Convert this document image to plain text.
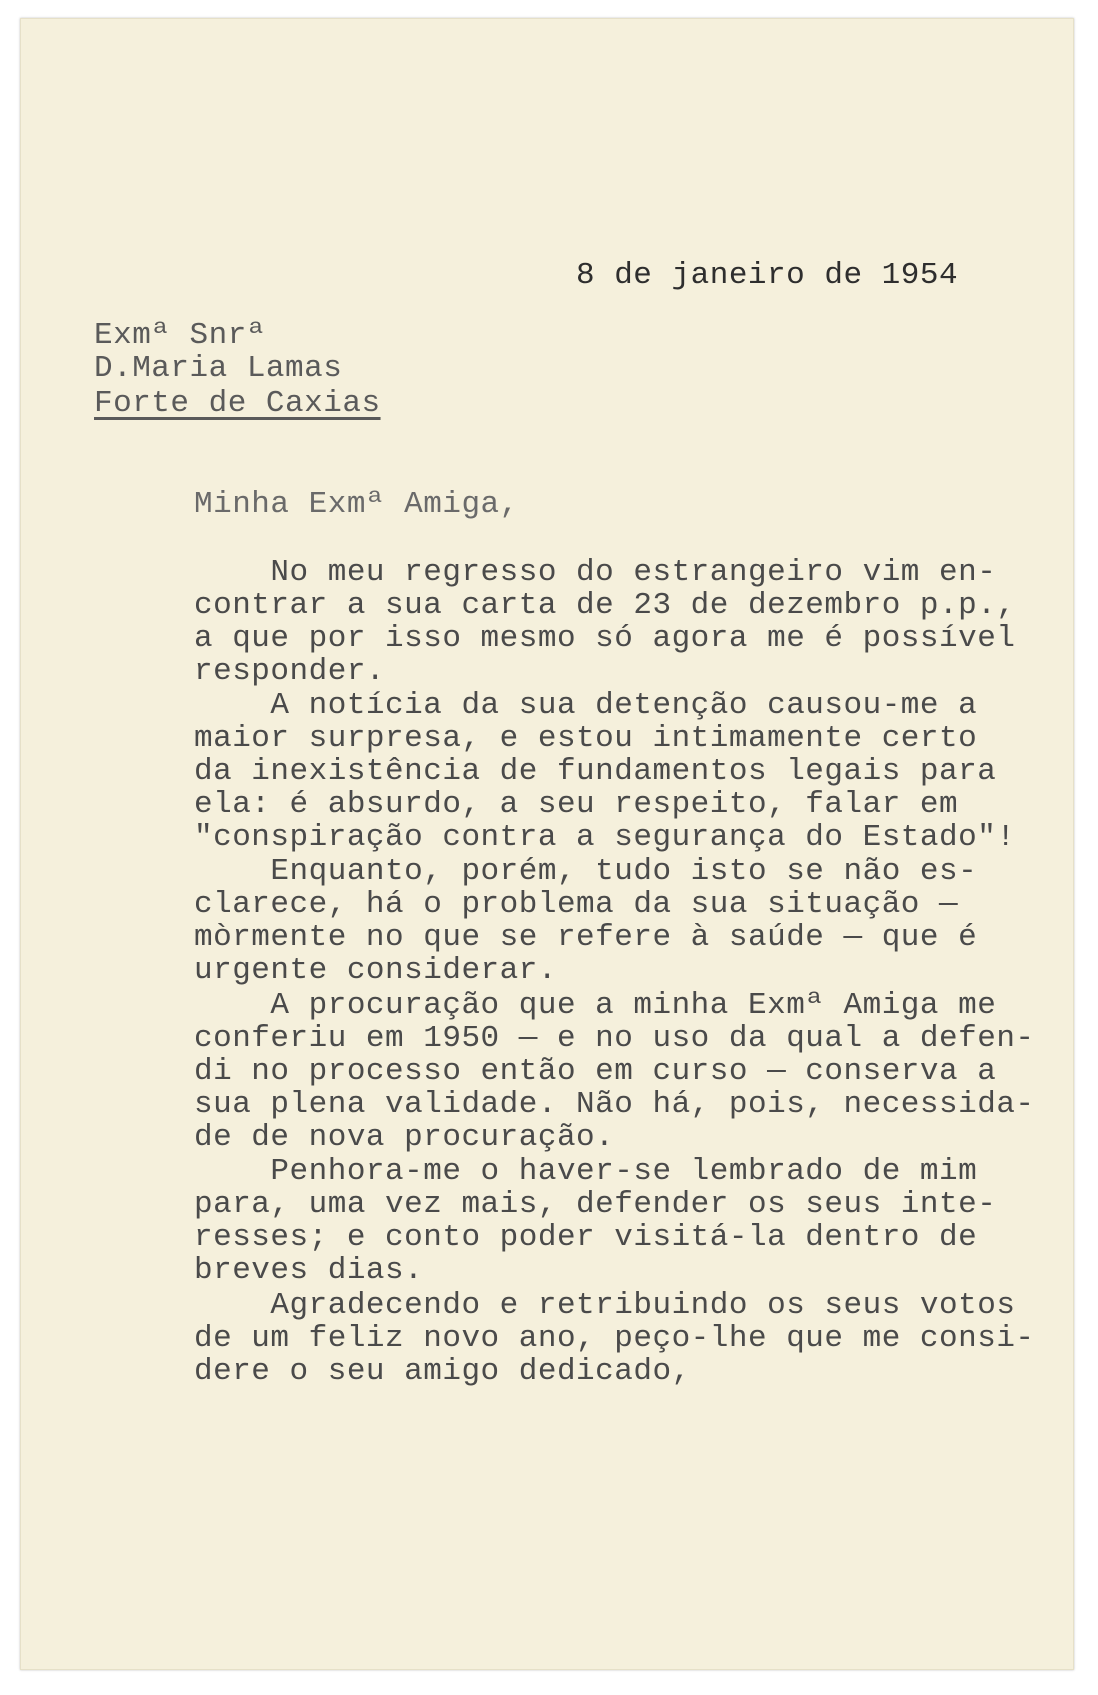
8 de janeiro de 1954
Exmª Snrª
D.Maria Lamas
Forte de Caxias
Minha Exmª Amiga,
No meu regresso do estrangeiro vim en-
contrar a sua carta de 23 de dezembro p.p.,
a que por isso mesmo só agora me é possível
responder.
A notícia da sua detenção causou-me a
maior surpresa, e estou intimamente certo
da inexistência de fundamentos legais para
ela: é absurdo, a seu respeito, falar em
"conspiração contra a segurança do Estado"!
Enquanto, porém, tudo isto se não es-
clarece, há o problema da sua situação —
mòrmente no que se refere à saúde — que é
urgente considerar.
A procuração que a minha Exmª Amiga me
conferiu em 1950 — e no uso da qual a defen-
di no processo então em curso — conserva a
sua plena validade. Não há, pois, necessida-
de de nova procuração.
Penhora-me o haver-se lembrado de mim
para, uma vez mais, defender os seus inte-
resses; e conto poder visitá-la dentro de
breves dias.
Agradecendo e retribuindo os seus votos
de um feliz novo ano, peço-lhe que me consi-
dere o seu amigo dedicado,
